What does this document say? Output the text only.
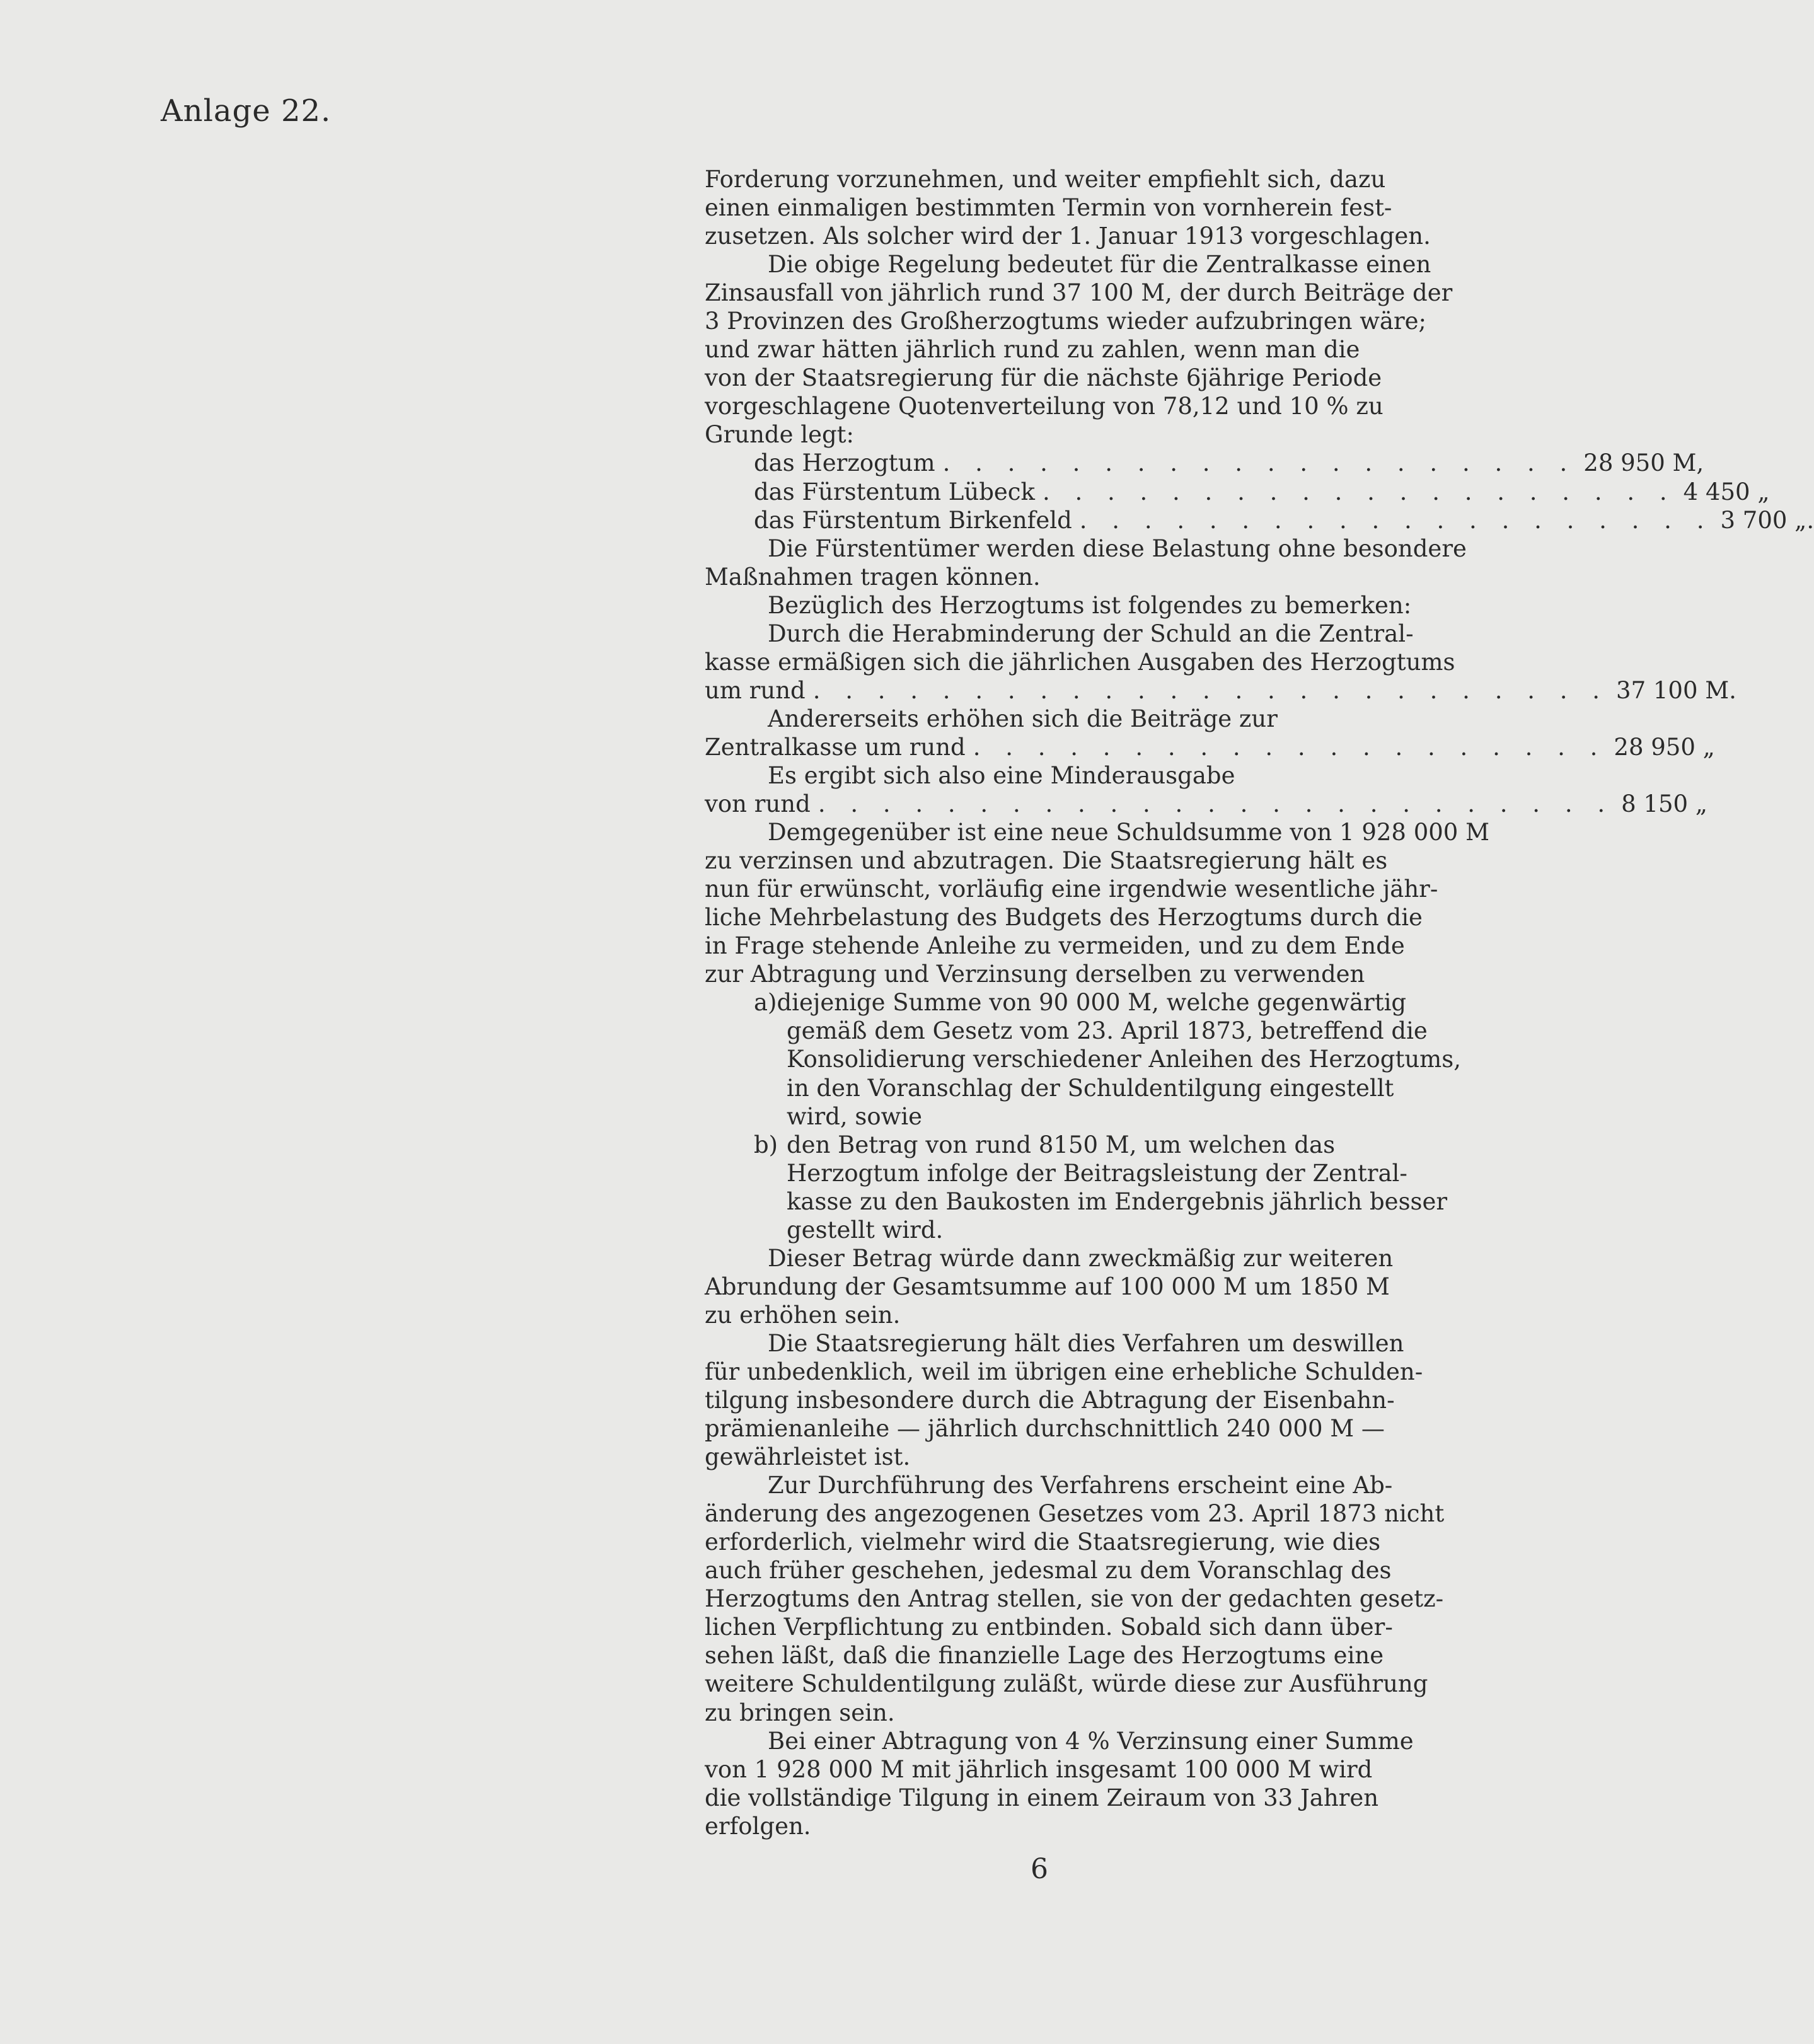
Anlage 22.
Forderung vorzunehmen, und weiter empfiehlt sich, dazu
einen einmaligen bestimmten Termin von vornherein fest-
zusetzen. Als solcher wird der 1. Januar 1913 vorgeschlagen.
Die obige Regelung bedeutet für die Zentralkasse einen
Zinsausfall von jährlich rund 37 100 M, der durch Beiträge der
3 Provinzen des Großherzogtums wieder aufzubringen wäre;
und zwar hätten jährlich rund zu zahlen, wenn man die
von der Staatsregierung für die nächste 6jährige Periode
vorgeschlagene Quotenverteilung von 78,12 und 10 % zu
Grunde legt:
das Herzogtum . . . . . . . . . . . . . . . . . . . . 28 950 M,
das Fürstentum Lübeck . . . . . . . . . . . . . . . . . . . . 4 450 „
das Fürstentum Birkenfeld . . . . . . . . . . . . . . . . . . . . 3 700 „.
Die Fürstentümer werden diese Belastung ohne besondere
Maßnahmen tragen können.
Bezüglich des Herzogtums ist folgendes zu bemerken:
Durch die Herabminderung der Schuld an die Zentral-
kasse ermäßigen sich die jährlichen Ausgaben des Herzogtums
um rund . . . . . . . . . . . . . . . . . . . . . . . . . 37 100 M.
Andererseits erhöhen sich die Beiträge zur
Zentralkasse um rund . . . . . . . . . . . . . . . . . . . . 28 950 „
Es ergibt sich also eine Minderausgabe
von rund . . . . . . . . . . . . . . . . . . . . . . . . . 8 150 „
Demgegenüber ist eine neue Schuldsumme von 1 928 000 M
zu verzinsen und abzutragen. Die Staatsregierung hält es
nun für erwünscht, vorläufig eine irgendwie wesentliche jähr-
liche Mehrbelastung des Budgets des Herzogtums durch die
in Frage stehende Anleihe zu vermeiden, und zu dem Ende
zur Abtragung und Verzinsung derselben zu verwenden
a) diejenige Summe von 90 000 M, welche gegenwärtig
gemäß dem Gesetz vom 23. April 1873, betreffend die
Konsolidierung verschiedener Anleihen des Herzogtums,
in den Voranschlag der Schuldentilgung eingestellt
wird, sowie
b) den Betrag von rund 8150 M, um welchen das
Herzogtum infolge der Beitragsleistung der Zentral-
kasse zu den Baukosten im Endergebnis jährlich besser
gestellt wird.
Dieser Betrag würde dann zweckmäßig zur weiteren
Abrundung der Gesamtsumme auf 100 000 M um 1850 M
zu erhöhen sein.
Die Staatsregierung hält dies Verfahren um deswillen
für unbedenklich, weil im übrigen eine erhebliche Schulden-
tilgung insbesondere durch die Abtragung der Eisenbahn-
prämienanleihe — jährlich durchschnittlich 240 000 M —
gewährleistet ist.
Zur Durchführung des Verfahrens erscheint eine Ab-
änderung des angezogenen Gesetzes vom 23. April 1873 nicht
erforderlich, vielmehr wird die Staatsregierung, wie dies
auch früher geschehen, jedesmal zu dem Voranschlag des
Herzogtums den Antrag stellen, sie von der gedachten gesetz-
lichen Verpflichtung zu entbinden. Sobald sich dann über-
sehen läßt, daß die finanzielle Lage des Herzogtums eine
weitere Schuldentilgung zuläßt, würde diese zur Ausführung
zu bringen sein.
Bei einer Abtragung von 4 % Verzinsung einer Summe
von 1 928 000 M mit jährlich insgesamt 100 000 M wird
die vollständige Tilgung in einem Zeiraum von 33 Jahren
erfolgen.
6
